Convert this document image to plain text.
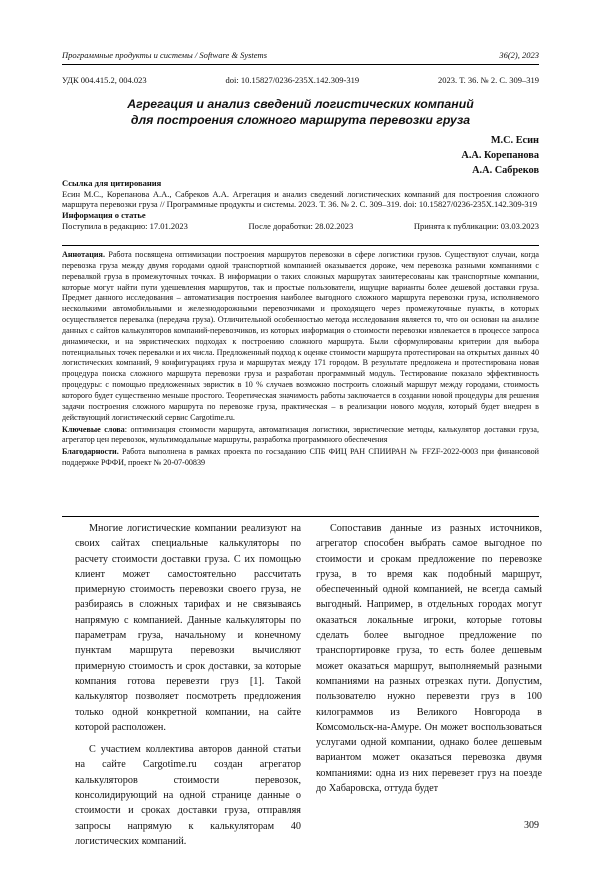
Программные продукты и системы / Software & Systems	36(2), 2023
УДК 004.415.2, 004.023	doi: 10.15827/0236-235X.142.309-319	2023. Т. 36. № 2. С. 309–319
Агрегация и анализ сведений логистических компаний
для построения сложного маршрута перевозки груза
М.С. Есин
А.А. Корепанова
А.А. Сабреков
Ссылка для цитирования
Есин М.С., Корепанова А.А., Сабреков А.А. Агрегация и анализ сведений логистических компаний для построения сложного маршрута перевозки груза // Программные продукты и системы. 2023. Т. 36. № 2. С. 309–319. doi: 10.15827/0236-235X.142.309-319
Информация о статье
Поступила в редакцию: 17.01.2023	После доработки: 28.02.2023	Принята к публикации: 03.03.2023
Аннотация. Работа посвящена оптимизации построения маршрутов перевозки в сфере логистики грузов. Существуют случаи, когда перевозка груза между двумя городами одной транспортной компанией оказывается дороже, чем перевозка разными компаниями с перевалкой груза в промежуточных точках. В информации о таких сложных маршрутах заинтересованы как транспортные компании, которые могут найти пути удешевления маршрутов, так и простые пользователи, ищущие варианты более дешевой доставки груза. Предмет данного исследования – автоматизация построения наиболее выгодного сложного маршрута перевозки груза, исполняемого несколькими автомобильными и железнодорожными перевозчиками и проходящего через промежуточные пункты, в которых осуществляется перевалка (передача груза). Отличительной особенностью метода исследования является то, что он основан на анализе данных с сайтов калькуляторов компаний-перевозчиков, из которых информация о стоимости перевозки извлекается в процессе запроса динамически, и на эвристических подходах к построению сложного маршрута. Были сформулированы критерии для выбора потенциальных точек перевалки и их числа. Предложенный подход к оценке стоимости маршрута протестирован на открытых данных 40 логистических компаний, 9 конфигурациях груза и маршрутах между 171 городом. В результате предложена и протестирована новая процедура поиска сложного маршрута перевозки груза и разработан программный модуль. Тестирование показало эффективность процедуры: с помощью предложенных эвристик в 10 % случаев возможно построить сложный маршрут между городами, стоимость которого будет существенно меньше простого. Теоретическая значимость работы заключается в создании новой процедуры для решения задачи построения сложного маршрута по перевозке груза, практическая – в реализации нового модуля, который будет внедрен в действующий логистический сервис Cargotime.ru.
Ключевые слова: оптимизация стоимости маршрута, автоматизация логистики, эвристические методы, калькулятор доставки груза, агрегатор цен перевозок, мультимодальные маршруты, разработка программного обеспечения
Благодарности. Работа выполнена в рамках проекта по госзаданию СПБ ФИЦ РАН СПИИРАН № FFZF-2022-0003 при финансовой поддержке РФФИ, проект № 20-07-00839

Многие логистические компании реализуют на своих сайтах специальные калькуляторы по расчету стоимости доставки груза. С их помощью клиент может самостоятельно рассчитать примерную стоимость перевозки своего груза, не разбираясь в сложных тарифах и не связываясь напрямую с компанией. Данные калькуляторы по параметрам груза, начальному и конечному пунктам маршрута перевозки вычисляют примерную стоимость и срок доставки, за которые компания готова перевезти груз [1]. Такой калькулятор позволяет посмотреть предложения только одной конкретной компании, на сайте которой расположен.

С участием коллектива авторов данной статьи на сайте Cargotime.ru создан агрегатор калькуляторов стоимости перевозок, консолидирующий на одной странице данные о стоимости и сроках доставки груза, отправляя запросы напрямую к калькуляторам 40 логистических компаний.

Сопоставив данные из разных источников, агрегатор способен выбрать самое выгодное по стоимости и срокам предложение по перевозке груза, в то время как подобный маршрут, обеспеченный одной компанией, не всегда самый выгодный. Например, в отдельных городах могут оказаться локальные игроки, которые готовы сделать более выгодное предложение по транспортировке груза, то есть более дешевым может оказаться маршрут, выполняемый разными компаниями на разных отрезках пути. Допустим, пользователю нужно перевезти груз в 100 килограммов из Великого Новгорода в Комсомольск-на-Амуре. Он может воспользоваться услугами одной компании, однако более дешевым вариантом может оказаться перевозка двумя компаниями: одна из них перевезет груз на поезде до Хабаровска, оттуда будет

309
